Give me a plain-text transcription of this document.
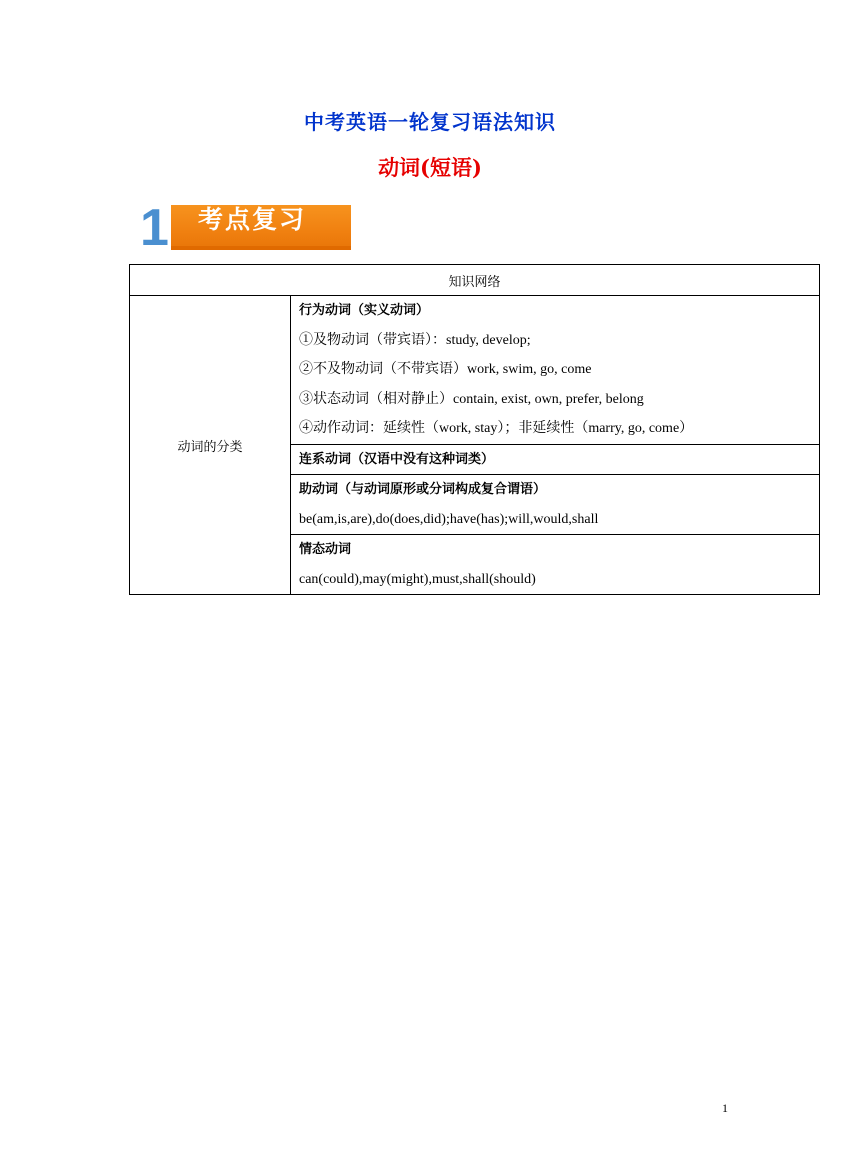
中考英语一轮复习语法知识
动词(短语)
考点复习
1
知识网络
动词的分类	
行为动词（实义动词）
①及物动词（带宾语）：study, develop;
②不及物动词（不带宾语）work, swim, go, come
③状态动词（相对静止）contain, exist, own, prefer, belong
④动作动词：延续性（work, stay）；非延续性（marry, go, come）

连系动词（汉语中没有这种词类）

助动词（与动词原形或分词构成复合谓语）
be(am,is,are),do(does,did);have(has);will,would,shall

情态动词
can(could),may(might),must,shall(should)
1
